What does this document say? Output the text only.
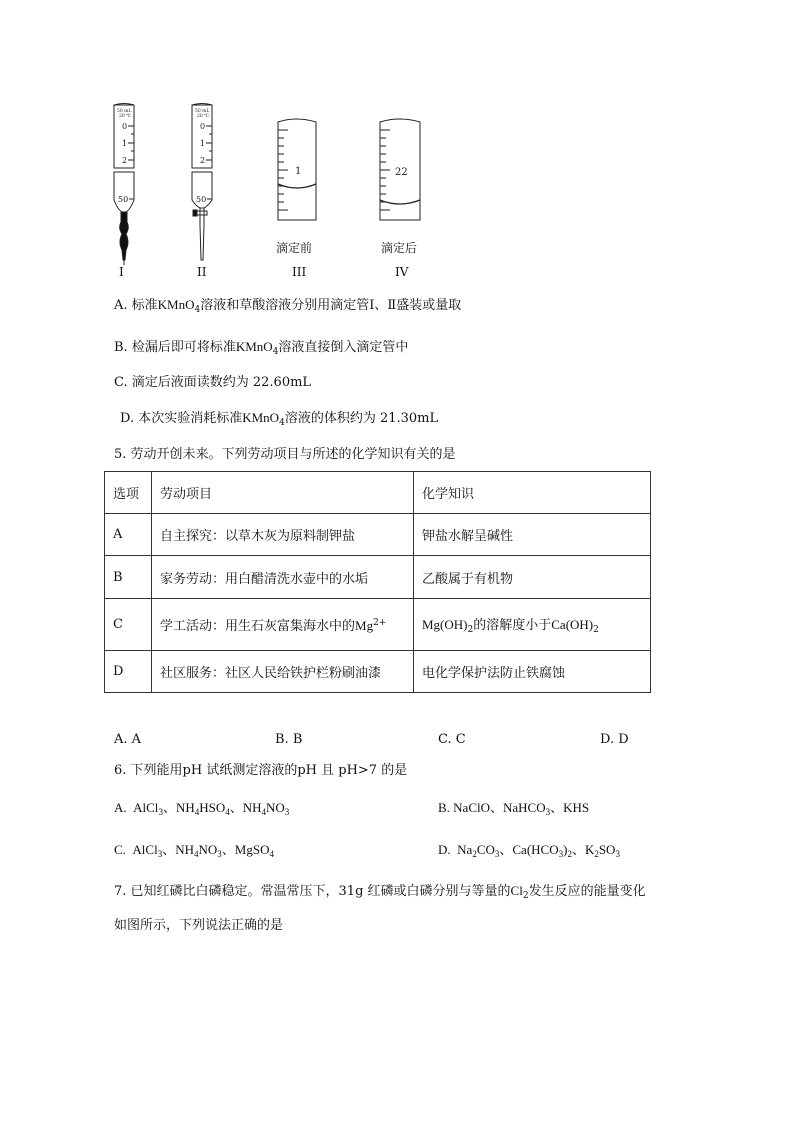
50 mL
20 ℃
0
1
2
50
50 mL
20 ℃
0
1
2
50
1	22
滴定前	滴定后
I	II	III	IV
A. 标准KMnO$_4$溶液和草酸溶液分别用滴定管Ⅰ、Ⅱ盛装或量取
B. 检漏后即可将标准KMnO$_4$溶液直接倒入滴定管中
C. 滴定后液面读数约为 22.60mL
D. 本次实验消耗标准KMnO$_4$溶液的体积约为 21.30mL
5. 劳动开创未来。下列劳动项目与所述的化学知识有关的是
选项	劳动项目	化学知识
A	自主探究：以草木灰为原料制钾盐	钾盐水解呈碱性
B	家务劳动：用白醋清洗水壶中的水垢	乙酸属于有机物
C	学工活动：用生石灰富集海水中的$Mg^{2+}$	$Mg(OH)_2$的溶解度小于$Ca(OH)_2$
D	社区服务：社区人民给铁护栏粉刷油漆	电化学保护法防止铁腐蚀
A. A	B. B	C. C	D. D
6. 下列能用pH 试纸测定溶液的pH 且 pH>7 的是
A.  AlCl$_3$、$NH_4HSO_4$、$NH_4NO_3$	B. NaClO、NaHCO$_3$、KHS
C.  AlCl$_3$、$NH_4NO_3$、MgSO$_4$	D.  $Na_2CO_3$、$Ca(HCO_3)_2$、$K_2SO_3$
7. 已知红磷比白磷稳定。常温常压下，31g 红磷或白磷分别与等量的$Cl_2$发生反应的能量变化
如图所示，下列说法正确的是
